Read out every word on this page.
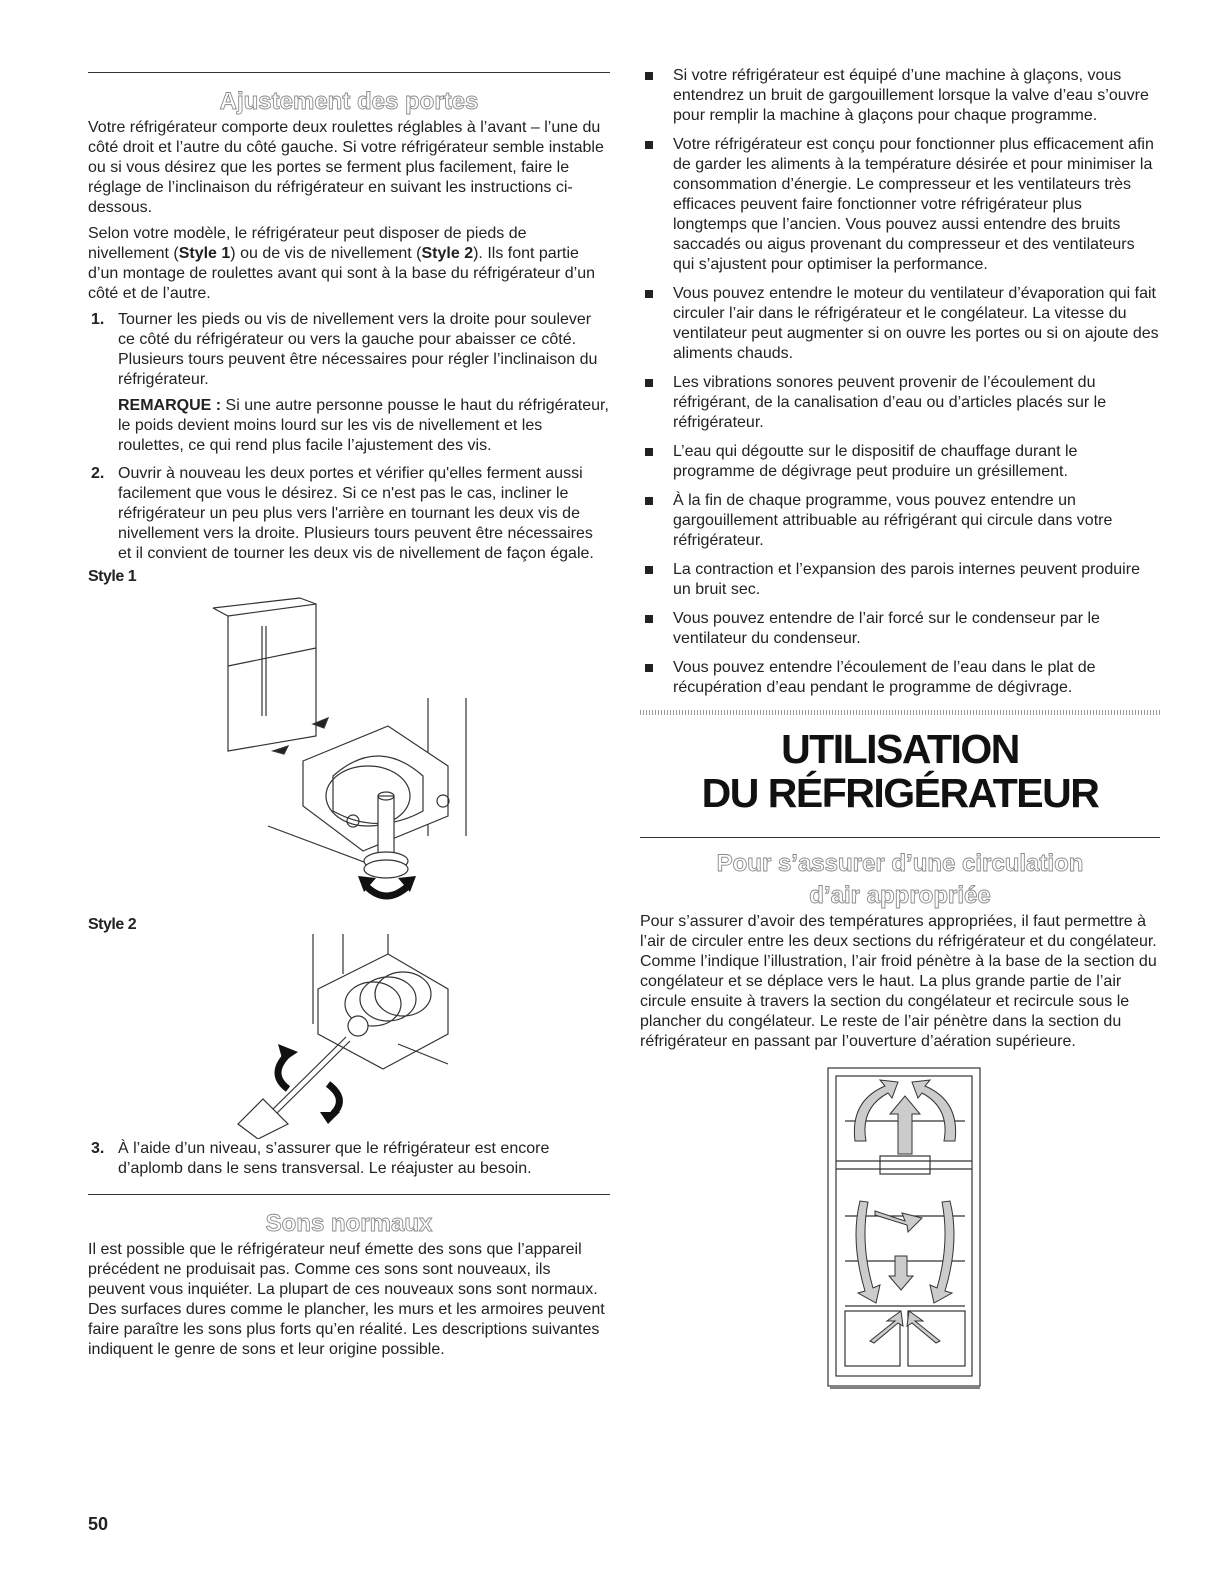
Ajustement des portes

Votre réfrigérateur comporte deux roulettes réglables à l’avant – l’une du côté droit et l’autre du côté gauche. Si votre réfrigérateur semble instable ou si vous désirez que les portes se ferment plus facilement, faire le réglage de l’inclinaison du réfrigérateur en suivant les instructions ci-dessous.

Selon votre modèle, le réfrigérateur peut disposer de pieds de nivellement (Style 1) ou de vis de nivellement (Style 2). Ils font partie d’un montage de roulettes avant qui sont à la base du réfrigérateur d’un côté et de l’autre.

1. Tourner les pieds ou vis de nivellement vers la droite pour soulever ce côté du réfrigérateur ou vers la gauche pour abaisser ce côté. Plusieurs tours peuvent être nécessaires pour régler l’inclinaison du réfrigérateur.
REMARQUE : Si une autre personne pousse le haut du réfrigérateur, le poids devient moins lourd sur les vis de nivellement et les roulettes, ce qui rend plus facile l’ajustement des vis.
2. Ouvrir à nouveau les deux portes et vérifier qu'elles ferment aussi facilement que vous le désirez. Si ce n'est pas le cas, incliner le réfrigérateur un peu plus vers l'arrière en tournant les deux vis de nivellement vers la droite. Plusieurs tours peuvent être nécessaires et il convient de tourner les deux vis de nivellement de façon égale.
Style 1
Style 2
3. À l’aide d’un niveau, s’assurer que le réfrigérateur est encore d’aplomb dans le sens transversal. Le réajuster au besoin.
Sons normaux

Il est possible que le réfrigérateur neuf émette des sons que l’appareil précédent ne produisait pas. Comme ces sons sont nouveaux, ils peuvent vous inquiéter. La plupart de ces nouveaux sons sont normaux. Des surfaces dures comme le plancher, les murs et les armoires peuvent faire paraître les sons plus forts qu’en réalité. Les descriptions suivantes indiquent le genre de sons et leur origine possible.

Si votre réfrigérateur est équipé d’une machine à glaçons, vous entendrez un bruit de gargouillement lorsque la valve d’eau s’ouvre pour remplir la machine à glaçons pour chaque programme.
Votre réfrigérateur est conçu pour fonctionner plus efficacement afin de garder les aliments à la température désirée et pour minimiser la consommation d’énergie. Le compresseur et les ventilateurs très efficaces peuvent faire fonctionner votre réfrigérateur plus longtemps que l’ancien. Vous pouvez aussi entendre des bruits saccadés ou aigus provenant du compresseur et des ventilateurs qui s’ajustent pour optimiser la performance.
Vous pouvez entendre le moteur du ventilateur d’évaporation qui fait circuler l’air dans le réfrigérateur et le congélateur. La vitesse du ventilateur peut augmenter si on ouvre les portes ou si on ajoute des aliments chauds.
Les vibrations sonores peuvent provenir de l’écoulement du réfrigérant, de la canalisation d’eau ou d’articles placés sur le réfrigérateur.
L’eau qui dégoutte sur le dispositif de chauffage durant le programme de dégivrage peut produire un grésillement.
À la fin de chaque programme, vous pouvez entendre un gargouillement attribuable au réfrigérant qui circule dans votre réfrigérateur.
La contraction et l’expansion des parois internes peuvent produire un bruit sec.
Vous pouvez entendre de l’air forcé sur le condenseur par le ventilateur du condenseur.
Vous pouvez entendre l’écoulement de l’eau dans le plat de récupération d’eau pendant le programme de dégivrage.
UTILISATION
DU RÉFRIGÉRATEUR
Pour s’assurer d’une circulation
d’air appropriée

Pour s’assurer d’avoir des températures appropriées, il faut permettre à l’air de circuler entre les deux sections du réfrigérateur et du congélateur. Comme l’indique l’illustration, l’air froid pénètre à la base de la section du congélateur et se déplace vers le haut. La plus grande partie de l’air circule ensuite à travers la section du congélateur et recircule sous le plancher du congélateur. Le reste de l’air pénètre dans la section du réfrigérateur en passant par l’ouverture d’aération supérieure.

50
